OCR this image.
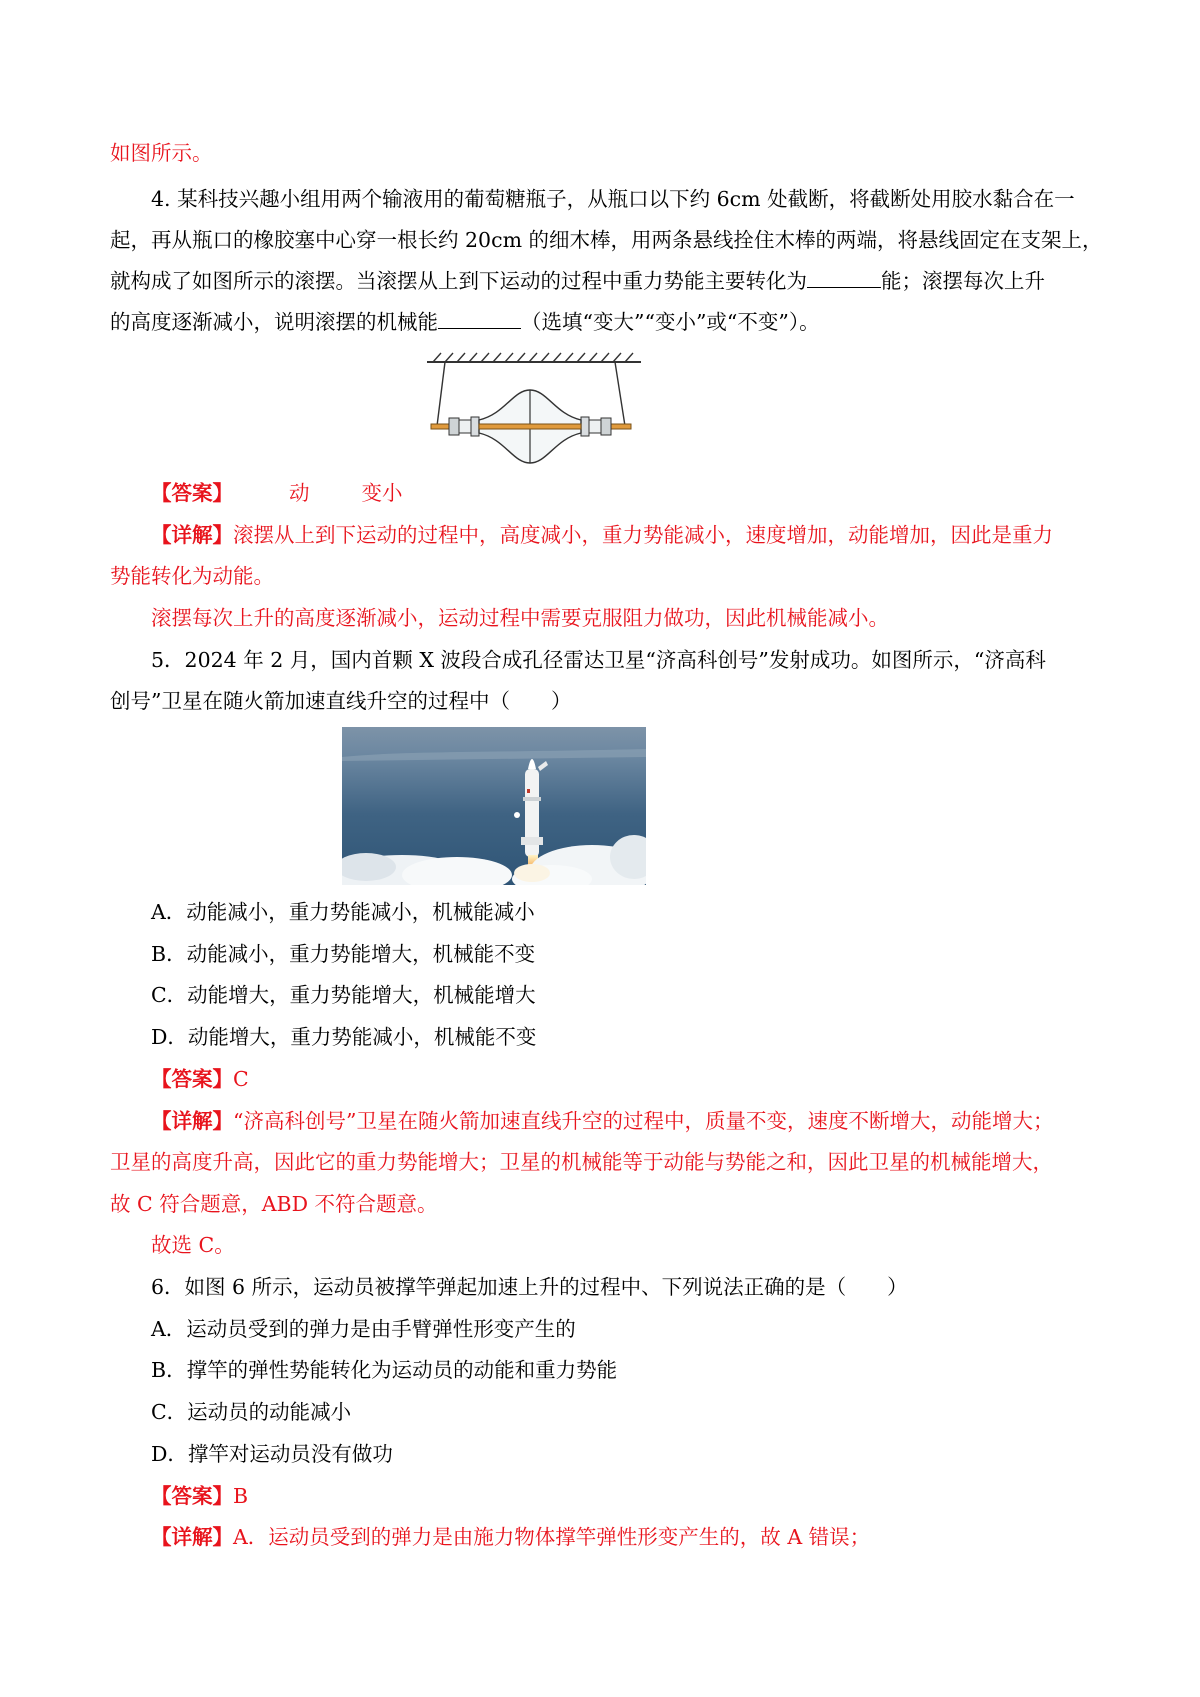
如图所示。
4. 某科技兴趣小组用两个输液用的葡萄糖瓶子，从瓶口以下约 6cm 处截断，将截断处用胶水黏合在一
起，再从瓶口的橡胶塞中心穿一根长约 20cm 的细木棒，用两条悬线拴住木棒的两端，将悬线固定在支架上，
就构成了如图所示的滚摆。当滚摆从上到下运动的过程中重力势能主要转化为	能；滚摆每次上升
的高度逐渐减小，说明滚摆的机械能	（选填“变大”“变小”或“不变”）。
【答案】	动	变小
【详解】滚摆从上到下运动的过程中，高度减小，重力势能减小，速度增加，动能增加，因此是重力
势能转化为动能。
滚摆每次上升的高度逐渐减小，运动过程中需要克服阻力做功，因此机械能减小。
5．2024 年 2 月，国内首颗 X 波段合成孔径雷达卫星“济高科创号”发射成功。如图所示，“济高科
创号”卫星在随火箭加速直线升空的过程中（　　）
A．动能减小，重力势能减小，机械能减小
B．动能减小，重力势能增大，机械能不变
C．动能增大，重力势能增大，机械能增大
D．动能增大，重力势能减小，机械能不变
【答案】C
【详解】“济高科创号”卫星在随火箭加速直线升空的过程中，质量不变，速度不断增大，动能增大；
卫星的高度升高，因此它的重力势能增大；卫星的机械能等于动能与势能之和，因此卫星的机械能增大，
故 C 符合题意，ABD 不符合题意。
故选 C。
6．如图 6 所示，运动员被撑竿弹起加速上升的过程中、下列说法正确的是（　　）
A．运动员受到的弹力是由手臂弹性形变产生的
B．撑竿的弹性势能转化为运动员的动能和重力势能
C．运动员的动能减小
D．撑竿对运动员没有做功
【答案】B
【详解】A．运动员受到的弹力是由施力物体撑竿弹性形变产生的，故 A 错误；
